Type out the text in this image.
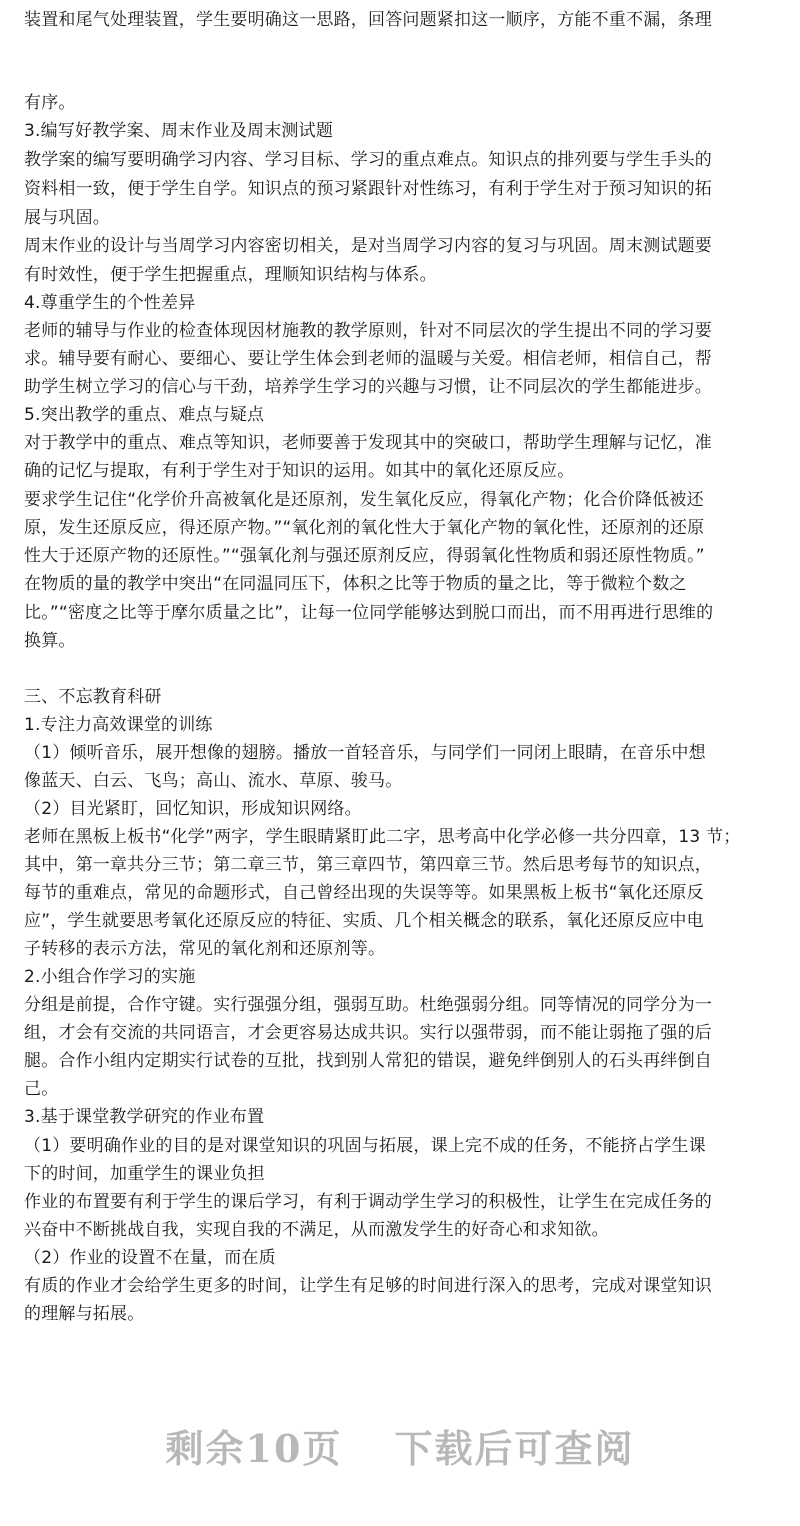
装置和尾气处理装置，学生要明确这一思路，回答问题紧扣这一顺序，方能不重不漏，条理
有序。
3.编写好教学案、周末作业及周末测试题
教学案的编写要明确学习内容、学习目标、学习的重点难点。知识点的排列要与学生手头的
资料相一致，便于学生自学。知识点的预习紧跟针对性练习，有利于学生对于预习知识的拓
展与巩固。
周末作业的设计与当周学习内容密切相关，是对当周学习内容的复习与巩固。周末测试题要
有时效性，便于学生把握重点，理顺知识结构与体系。
4.尊重学生的个性差异
老师的辅导与作业的检查体现因材施教的教学原则，针对不同层次的学生提出不同的学习要
求。辅导要有耐心、要细心、要让学生体会到老师的温暖与关爱。相信老师，相信自己，帮
助学生树立学习的信心与干劲，培养学生学习的兴趣与习惯，让不同层次的学生都能进步。
5.突出教学的重点、难点与疑点
对于教学中的重点、难点等知识，老师要善于发现其中的突破口，帮助学生理解与记忆，准
确的记忆与提取，有利于学生对于知识的运用。如其中的氧化还原反应。
要求学生记住“化学价升高被氧化是还原剂，发生氧化反应，得氧化产物；化合价降低被还
原，发生还原反应，得还原产物。”“氧化剂的氧化性大于氧化产物的氧化性，还原剂的还原
性大于还原产物的还原性。”“强氧化剂与强还原剂反应，得弱氧化性物质和弱还原性物质。”
在物质的量的教学中突出“在同温同压下，体积之比等于物质的量之比，等于微粒个数之
比。”“密度之比等于摩尔质量之比”，让每一位同学能够达到脱口而出，而不用再进行思维的
换算。
三、不忘教育科研
1.专注力高效课堂的训练
（1）倾听音乐，展开想像的翅膀。播放一首轻音乐，与同学们一同闭上眼睛，在音乐中想
像蓝天、白云、飞鸟；高山、流水、草原、骏马。
（2）目光紧盯，回忆知识，形成知识网络。
老师在黑板上板书“化学”两字，学生眼睛紧盯此二字，思考高中化学必修一共分四章，13 节；
其中，第一章共分三节；第二章三节，第三章四节，第四章三节。然后思考每节的知识点，
每节的重难点，常见的命题形式，自己曾经出现的失误等等。如果黑板上板书“氧化还原反
应”，学生就要思考氧化还原反应的特征、实质、几个相关概念的联系，氧化还原反应中电
子转移的表示方法，常见的氧化剂和还原剂等。
2.小组合作学习的实施
分组是前提，合作守键。实行强强分组，强弱互助。杜绝强弱分组。同等情况的同学分为一
组，才会有交流的共同语言，才会更容易达成共识。实行以强带弱，而不能让弱拖了强的后
腿。合作小组内定期实行试卷的互批，找到别人常犯的错误，避免绊倒别人的石头再绊倒自
己。
3.基于课堂教学研究的作业布置
（1）要明确作业的目的是对课堂知识的巩固与拓展，课上完不成的任务，不能挤占学生课
下的时间，加重学生的课业负担
作业的布置要有利于学生的课后学习，有利于调动学生学习的积极性，让学生在完成任务的
兴奋中不断挑战自我，实现自我的不满足，从而激发学生的好奇心和求知欲。
（2）作业的设置不在量，而在质
有质的作业才会给学生更多的时间，让学生有足够的时间进行深入的思考，完成对课堂知识
的理解与拓展。
剩余10页 下载后可查阅
